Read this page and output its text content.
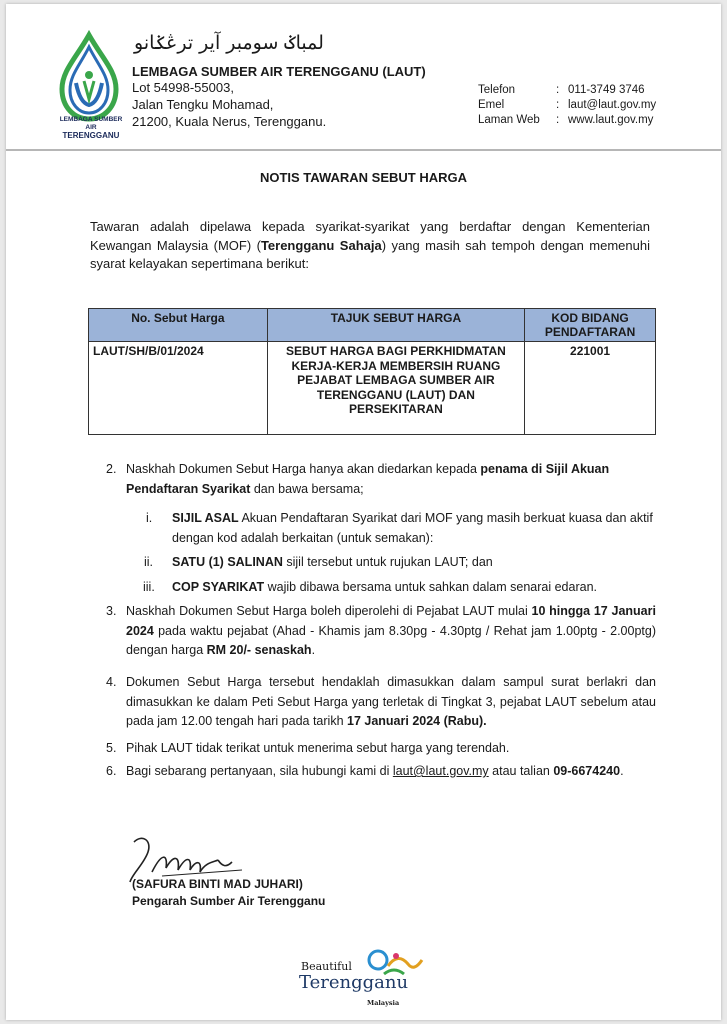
LEMBAGA SUMBER AIR
TERENGGANU
لمباݢ سومبر آير ترڠݢانو
LEMBAGA SUMBER AIR TERENGGANU (LAUT)
Lot 54998-55003,
Jalan Tengku Mohamad,
21200, Kuala Nerus, Terengganu.
Telefon	: 011-3749 3746
Emel	: laut@laut.gov.my
Laman Web : www.laut.gov.my
NOTIS TAWARAN SEBUT HARGA
Tawaran adalah dipelawa kepada syarikat-syarikat yang berdaftar dengan Kementerian Kewangan Malaysia (MOF) (Terengganu Sahaja) yang masih sah tempoh dengan memenuhi syarat kelayakan sepertimana berikut:
No. Sebut Harga	TAJUK SEBUT HARGA	KOD BIDANG PENDAFTARAN
LAUT/SH/B/01/2024	SEBUT HARGA BAGI PERKHIDMATAN KERJA-KERJA MEMBERSIH RUANG PEJABAT LEMBAGA SUMBER AIR TERENGGANU (LAUT) DAN PERSEKITARAN	221001
2. Naskhah Dokumen Sebut Harga hanya akan diedarkan kepada penama di Sijil Akuan Pendaftaran Syarikat dan bawa bersama;
i. SIJIL ASAL Akuan Pendaftaran Syarikat dari MOF yang masih berkuat kuasa dan aktif dengan kod adalah berkaitan (untuk semakan):
ii. SATU (1) SALINAN sijil tersebut untuk rujukan LAUT; dan
iii. COP SYARIKAT wajib dibawa bersama untuk sahkan dalam senarai edaran.
3. Naskhah Dokumen Sebut Harga boleh diperolehi di Pejabat LAUT mulai 10 hingga 17 Januari 2024 pada waktu pejabat (Ahad - Khamis jam 8.30pg - 4.30ptg / Rehat jam 1.00ptg - 2.00ptg) dengan harga RM 20/- senaskah.
4. Dokumen Sebut Harga tersebut hendaklah dimasukkan dalam sampul surat berlakri dan dimasukkan ke dalam Peti Sebut Harga yang terletak di Tingkat 3, pejabat LAUT sebelum atau pada jam 12.00 tengah hari pada tarikh 17 Januari 2024 (Rabu).
5. Pihak LAUT tidak terikat untuk menerima sebut harga yang terendah.
6. Bagi sebarang pertanyaan, sila hubungi kami di laut@laut.gov.my atau talian 09-6674240.
(SAFURA BINTI MAD JUHARI)
Pengarah Sumber Air Terengganu
Beautiful
Terengganu
Malaysia
